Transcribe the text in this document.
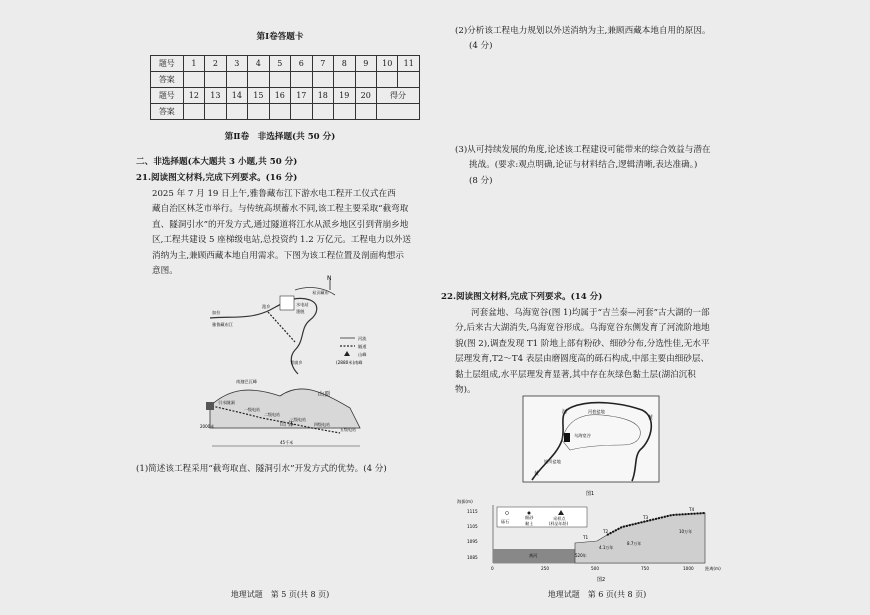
第Ⅰ卷答题卡
题号	1	2	3	4	5	6	7	8	9	10	11
答案											
题号	12	13	14	15	16	17	18	19	20	得分	
答案											
第Ⅱ卷　非选择题(共 50 分)
二、非选择题(本大题共 3 小题,共 50 分)
21.阅读图文材料,完成下列要求。(16 分)
2025 年 7 月 19 日上午,雅鲁藏布江下游水电工程开工仪式在西
藏自治区林芝市举行。与传统高坝蓄水不同,该工程主要采取“截弯取
直、隧洞引水”的开发方式,通过隧道将江水从派乡地区引到背崩乡地
区,工程共建设 5 座梯级电站,总投资约 1.2 万亿元。工程电力以外送
消纳为主,兼顾西藏本地自用需求。下图为该工程位置及剖面构想示
意图。
N
加拉
雅鲁藏布江
派乡	水电站
墨脱
易贡藏布
背崩乡
河流
隧道
山峰
(2880米)南峰
南迦巴瓦峰
山顶
引水隧洞
山 体
一级电站
二级电站
三级电站
四级电站
五级电站
2000米
45千米
(1)简述该工程采用“截弯取直、隧洞引水”开发方式的优势。(4 分)
地理试题　第 5 页(共 8 页)
(2)分析该工程电力规划以外送消纳为主,兼顾西藏本地自用的原因。
(4 分)
(3)从可持续发展的角度,论述该工程建设可能带来的综合效益与潜在
挑战。(要求:观点明确,论证与材料结合,逻辑清晰,表达准确。)
(8 分)
22.阅读图文材料,完成下列要求。(14 分)
河套盆地、乌海宽谷(图 1)均属于“吉兰泰—河套”古大湖的一部
分,后来古大湖消失,乌海宽谷形成。乌海宽谷东侧发育了河流阶地地
貌(图 2),调查发现 T1 阶地上部有粉砂、细砂分布,分选性佳,无水平
层理发育,T2～T4 表层由磨圆度高的砾石构成,中部主要由细砂层、
黏土层组成,水平层理发育显著,其中存在灰绿色黏土层(湖泊沉积
物)。
河套盆地
乌海宽谷
银川盆地
河
黄
黄
图1
海拔(m)
1115
1105
1095
1085
0	250	500	750	1000	距离(m)
黄河
砾石
细砂
黏土
采样点
(样品年龄)
T1
T2
T3
T4
520年
4.1万年
8.7万年
10万年
图2
地理试题　第 6 页(共 8 页)
